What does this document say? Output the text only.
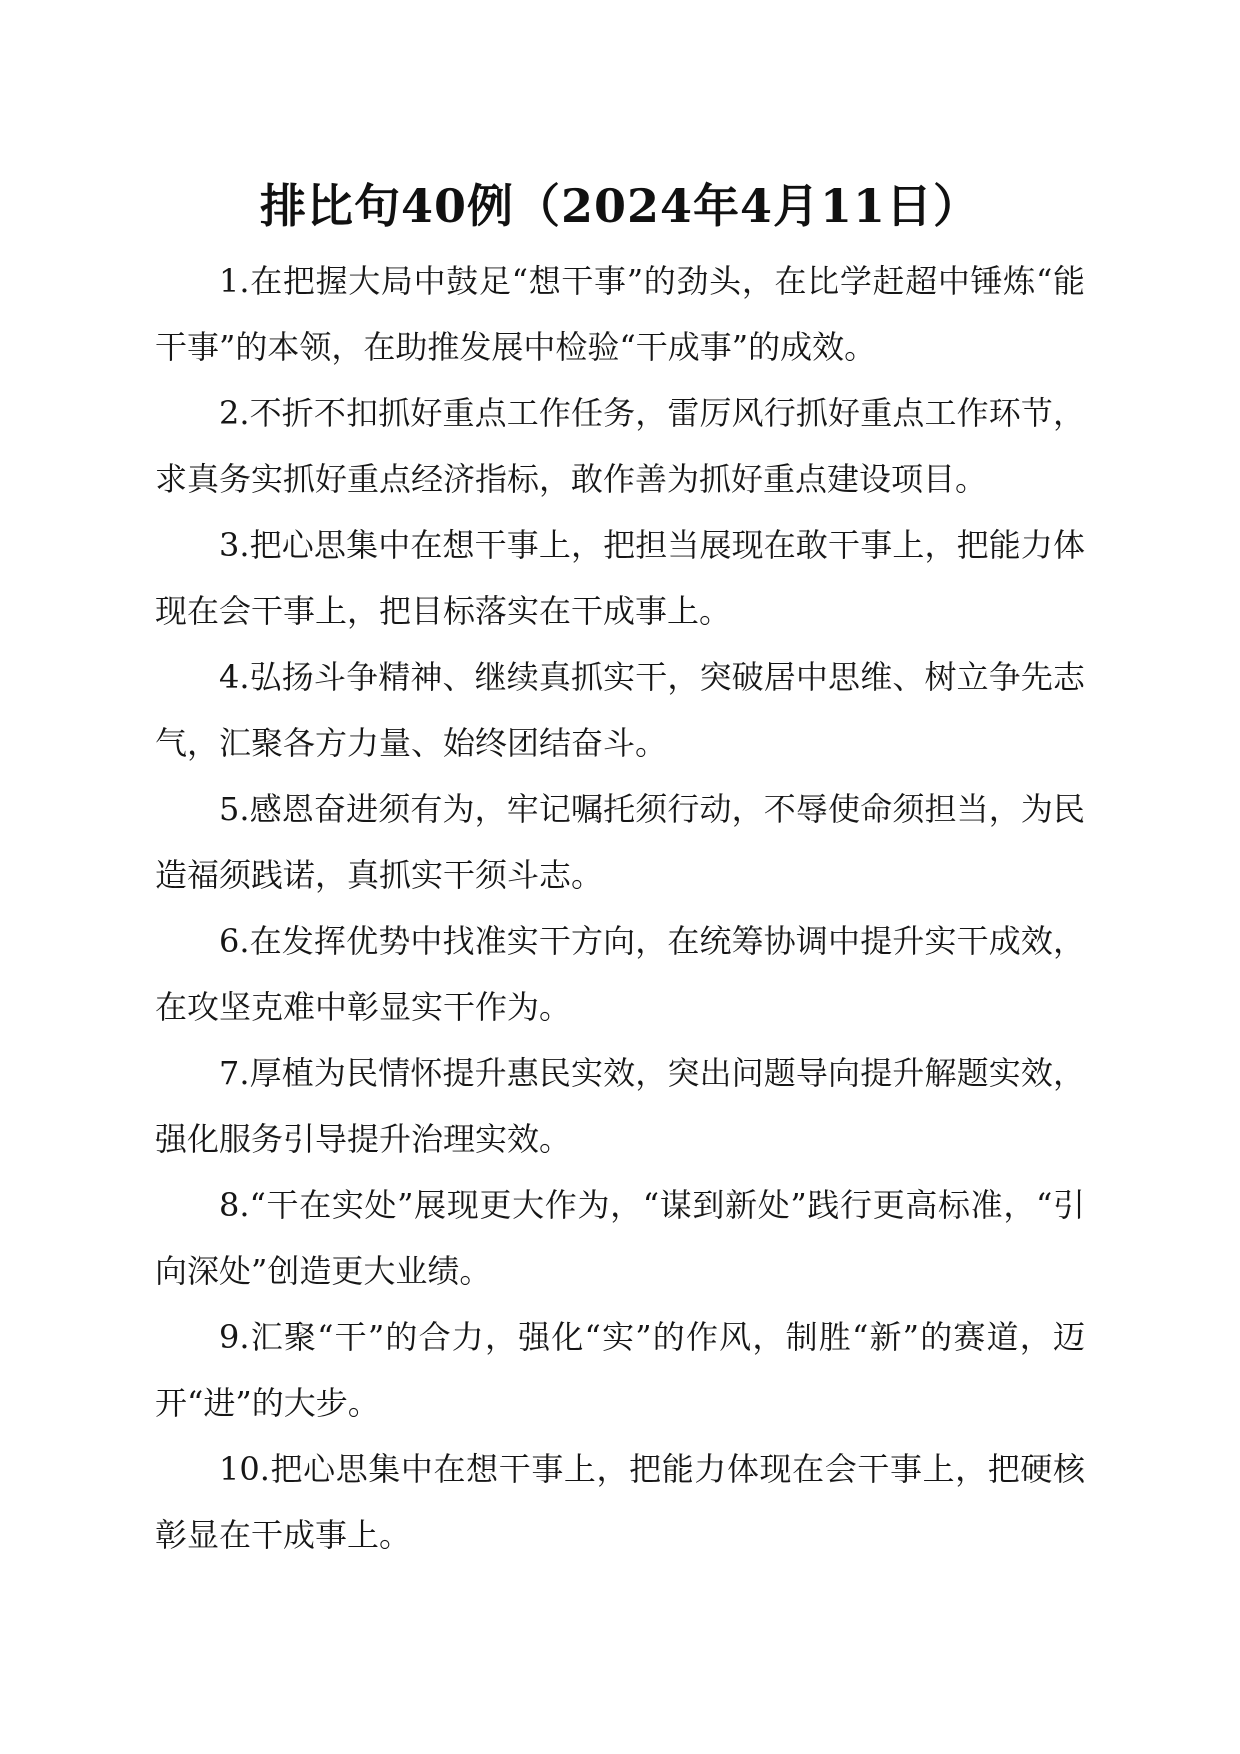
排比句40例（2024年4月11日）

1.在把握大局中鼓足“想干事”的劲头，在比学赶超中锤炼“能干事”的本领，在助推发展中检验“干成事”的成效。

2.不折不扣抓好重点工作任务，雷厉风行抓好重点工作环节，求真务实抓好重点经济指标，敢作善为抓好重点建设项目。

3.把心思集中在想干事上，把担当展现在敢干事上，把能力体现在会干事上，把目标落实在干成事上。

4.弘扬斗争精神、继续真抓实干，突破居中思维、树立争先志气，汇聚各方力量、始终团结奋斗。

5.感恩奋进须有为，牢记嘱托须行动，不辱使命须担当，为民造福须践诺，真抓实干须斗志。

6.在发挥优势中找准实干方向，在统筹协调中提升实干成效，在攻坚克难中彰显实干作为。

7.厚植为民情怀提升惠民实效，突出问题导向提升解题实效，强化服务引导提升治理实效。

8.“干在实处”展现更大作为，“谋到新处”践行更高标准，“引向深处”创造更大业绩。

9.汇聚“干”的合力，强化“实”的作风，制胜“新”的赛道，迈开“进”的大步。

10.把心思集中在想干事上，把能力体现在会干事上，把硬核彰显在干成事上。
